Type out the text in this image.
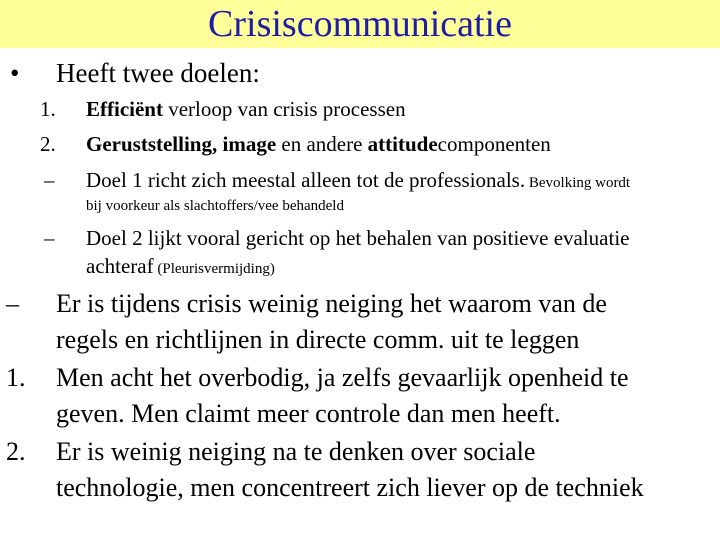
Crisiscommunicatie
• Heeft twee doelen:
1. Efficiënt verloop van crisis processen
2. Geruststelling, image en andere attitudecomponenten
– Doel 1 richt zich meestal alleen tot de professionals. Bevolking wordt
bij voorkeur als slachtoffers/vee behandeld
– Doel 2 lijkt vooral gericht op het behalen van positieve evaluatie
achteraf (Pleurisvermijding)
– Er is tijdens crisis weinig neiging het waarom van de
regels en richtlijnen in directe comm. uit te leggen
1. Men acht het overbodig, ja zelfs gevaarlijk openheid te
geven. Men claimt meer controle dan men heeft.
2. Er is weinig neiging na te denken over sociale
technologie, men concentreert zich liever op de techniek
